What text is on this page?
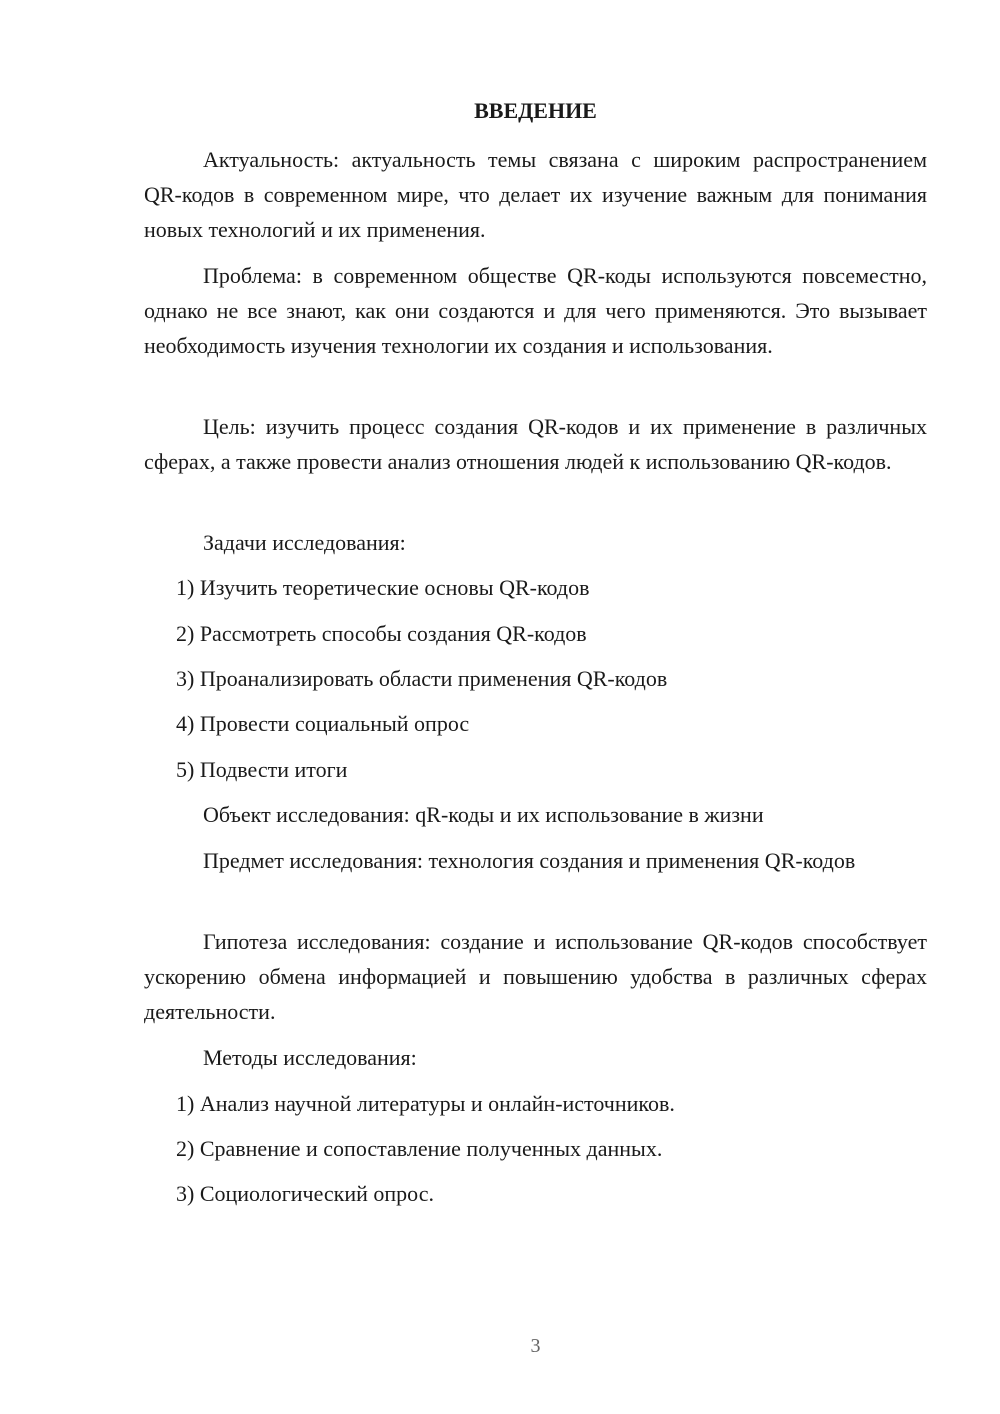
ВВЕДЕНИЕ

Актуальность: актуальность темы связана с широким распространением QR-кодов в современном мире, что делает их изучение важным для понимания новых технологий и их применения.

Проблема: в современном обществе QR-коды используются повсеместно, однако не все знают, как они создаются и для чего применяются. Это вызывает необходимость изучения технологии их создания и использования.

Цель: изучить процесс создания QR-кодов и их применение в различных сферах, а также провести анализ отношения людей к использованию QR-кодов.

Задачи исследования:
1) Изучить теоретические основы QR-кодов
2) Рассмотреть способы создания QR-кодов
3) Проанализировать области применения QR-кодов
4) Провести социальный опрос
5) Подвести итоги
Объект исследования: qR-коды и их использование в жизни

Предмет исследования: технология создания и применения QR-кодов

Гипотеза исследования: создание и использование QR-кодов способствует ускорению обмена информацией и повышению удобства в различных сферах деятельности.

Методы исследования:
1) Анализ научной литературы и онлайн-источников.
2) Сравнение и сопоставление полученных данных.
3) Социологический опрос.
3
